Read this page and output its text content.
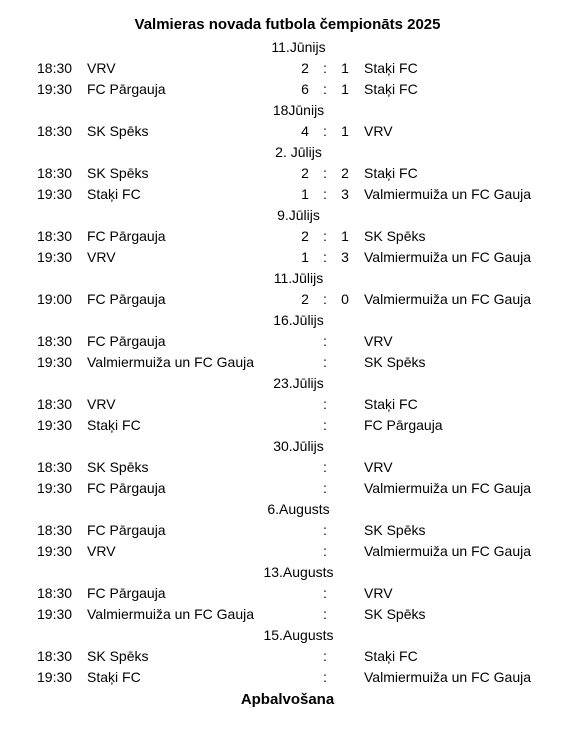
Valmieras novada futbola čempionāts 2025
11.Jūnijs
18:30 VRV	2 : 1 Staķi FC
19:30 FC Pārgauja	6 : 1 Staķi FC
18Jūnijs
18:30 SK Spēks	4 : 1 VRV
2. Jūlijs
18:30 SK Spēks	2 : 2 Staķi FC
19:30 Staķi FC	1 : 3 Valmiermuiža un FC Gauja
9.Jūlijs
18:30 FC Pārgauja	2 : 1 SK Spēks
19:30 VRV	1 : 3 Valmiermuiža un FC Gauja
11.Jūlijs
19:00 FC Pārgauja	2 : 0 Valmiermuiža un FC Gauja
16.Jūlijs
18:30 FC Pārgauja	:	VRV
19:30 Valmiermuiža un FC Gauja	:	SK Spēks
23.Jūlijs
18:30 VRV	:	Staķi FC
19:30 Staķi FC	:	FC Pārgauja
30.Jūlijs
18:30 SK Spēks	:	VRV
19:30 FC Pārgauja	:	Valmiermuiža un FC Gauja
6.Augusts
18:30 FC Pārgauja	:	SK Spēks
19:30 VRV	:	Valmiermuiža un FC Gauja
13.Augusts
18:30 FC Pārgauja	:	VRV
19:30 Valmiermuiža un FC Gauja	:	SK Spēks
15.Augusts
18:30 SK Spēks	:	Staķi FC
19:30 Staķi FC	:	Valmiermuiža un FC Gauja
Apbalvošana
